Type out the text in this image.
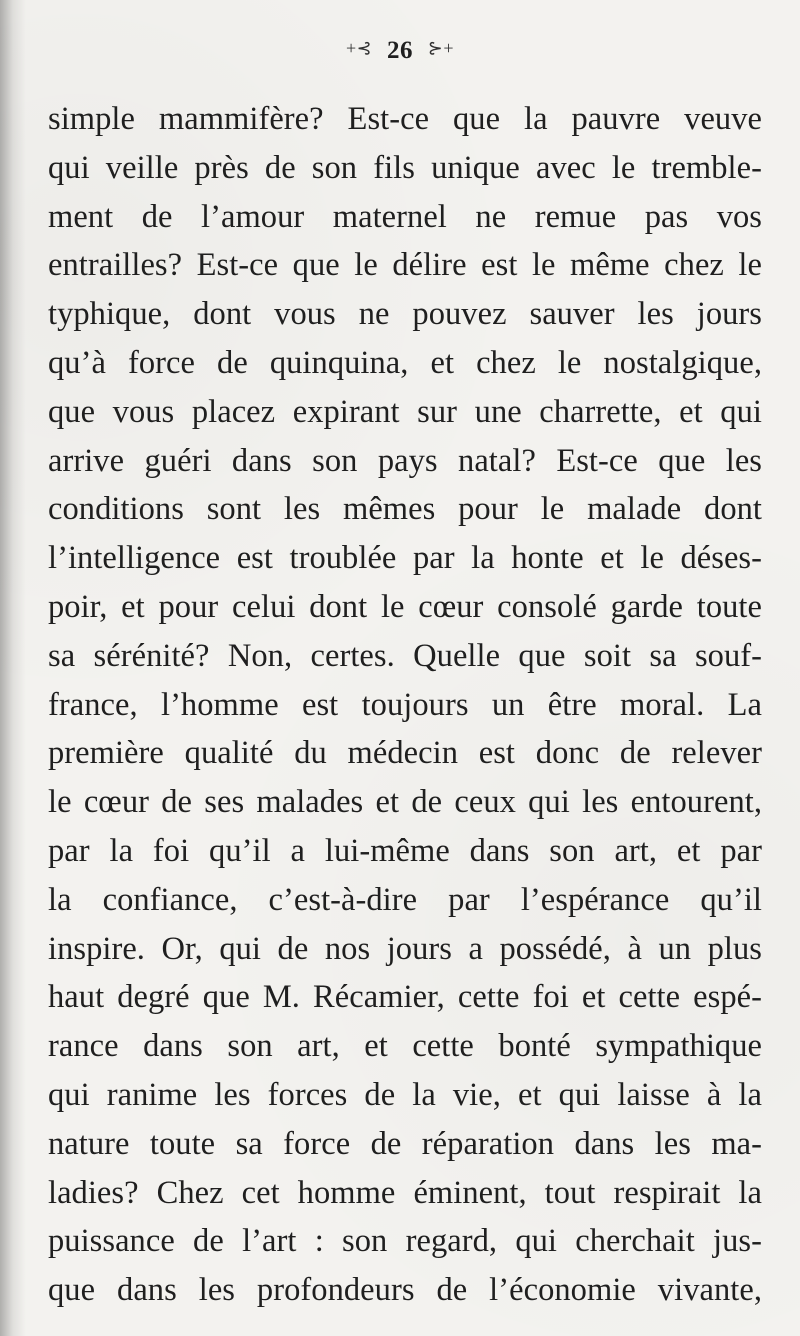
+⊰ 26 ⊱+
simple mammifère? Est-ce que la pauvre veuve
qui veille près de son fils unique avec le tremble-
ment de l’amour maternel ne remue pas vos
entrailles? Est-ce que le délire est le même chez le
typhique, dont vous ne pouvez sauver les jours
qu’à force de quinquina, et chez le nostalgique,
que vous placez expirant sur une charrette, et qui
arrive guéri dans son pays natal? Est-ce que les
conditions sont les mêmes pour le malade dont
l’intelligence est troublée par la honte et le déses-
poir, et pour celui dont le cœur consolé garde toute
sa sérénité? Non, certes. Quelle que soit sa souf-
france, l’homme est toujours un être moral. La
première qualité du médecin est donc de relever
le cœur de ses malades et de ceux qui les entourent,
par la foi qu’il a lui-même dans son art, et par
la confiance, c’est-à-dire par l’espérance qu’il
inspire. Or, qui de nos jours a possédé, à un plus
haut degré que M. Récamier, cette foi et cette espé-
rance dans son art, et cette bonté sympathique
qui ranime les forces de la vie, et qui laisse à la
nature toute sa force de réparation dans les ma-
ladies? Chez cet homme éminent, tout respirait la
puissance de l’art : son regard, qui cherchait jus-
que dans les profondeurs de l’économie vivante,
